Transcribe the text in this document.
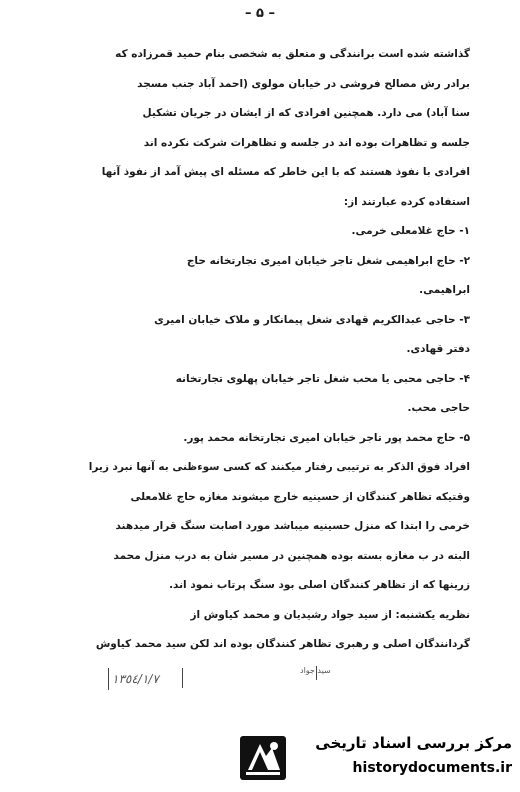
– ۵ –
گذاشته شده است برانندگی و متعلق به شخصی بنام حمید قمرزاده که
برادر رش مصالح فروشی در خیابان مولوی (احمد آباد جنب مسجد
سنا آباد) می دارد. همچنین افرادی که از ایشان در جریان تشکیل
جلسه و تظاهرات بوده اند در جلسه و تظاهرات شرکت نکرده اند
افرادی با نفوذ هستند که با این خاطر که مسئله ای پیش آمد از نفوذ آنها
استفاده کرده عبارتند از:
۱- حاج غلامعلی خرمی.
۲- حاج ابراهیمی شغل تاجر خیابان امیری تجارتخانه حاج
ابراهیمی.
۳- حاجی عبدالکریم قهادی شغل پیمانکار و ملاک خیابان امیری
دفتر قهادی.
۴- حاجی محبی یا محب شغل تاجر خیابان پهلوی تجارتخانه
حاجی محب.
۵- حاج محمد پور تاجر خیابان امیری تجارتخانه محمد پور.
افراد فوق الذکر به ترتیبی رفتار میکنند که کسی سوءظنی به آنها نبرد زیرا
وقتیکه تظاهر کنندگان از حسینیه خارج میشوند مغازه حاج غلامعلی
خرمی را ابتدا که منزل حسینیه میباشد مورد اصابت سنگ قرار میدهند
البته در ب مغازه بسته بوده همچنین در مسیر شان به درب منزل محمد
زرینها که از تظاهر کنندگان اصلی بود سنگ پرتاب نمود اند.
نظریه یکشنبه: از سید جواد رشیدیان و محمد کیاوش از
گردانندگان اصلی و رهبری تظاهر کنندگان بوده اند لکن سید محمد کیاوش
١٣٥٤/١/٧
سید جواد
مرکز بررسی اسناد تاریخی
historydocuments.ir
